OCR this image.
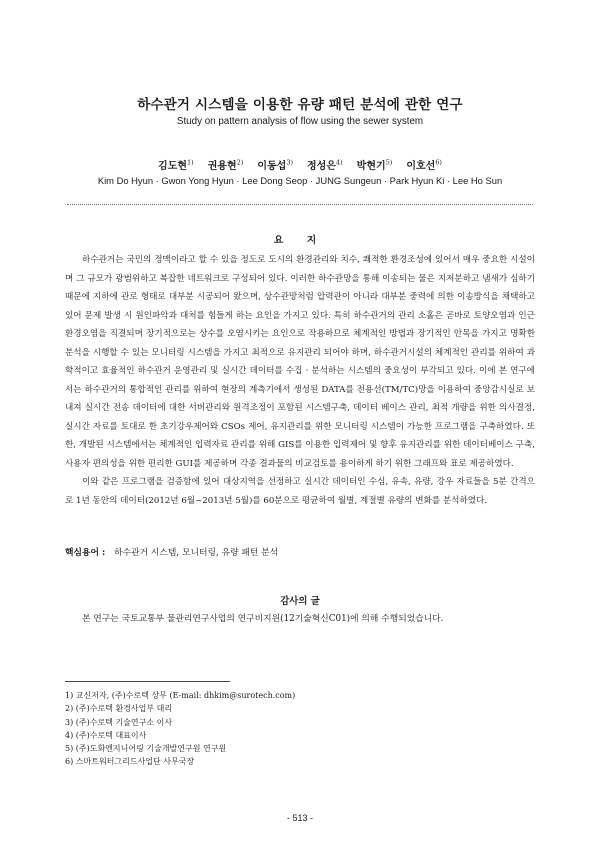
하수관거 시스템을 이용한 유량 패턴 분석에 관한 연구
Study on pattern analysis of flow using the sewer system
김도현$^{1)}$ 권용현$^{2)}$ 이동섭$^{3)}$ 정성은$^{4)}$ 박현기$^{5)}$ 이호선$^{6)}$
Kim Do Hyun · Gwon Yong Hyun · Lee Dong Seop · JUNG Sungeun · Park Hyun Ki · Lee Ho Sun
요 지

하수관거는 국민의 정맥이라고 할 수 있을 정도로 도시의 환경관리와 치수, 쾌적한 환경조성에 있어서 매우 중요한 시설이며 그 규모가 광범위하고 복잡한 네트워크로 구성되어 있다. 이러한 하수관망을 통해 이송되는 물은 지저분하고 냄새가 심하기 때문에 지하에 관로 형태로 대부분 시공되어 왔으며, 상수관망처럼 압력관이 아니라 대부분 중력에 의한 이송방식을 채택하고 있어 문제 발생 시 원인파악과 대처를 힘들게 하는 요인을 가지고 있다. 특히 하수관거의 관리 소홀은 곧바로 토양오염과 인근 환경오염을 직결되며 장기적으로는 상수를 오염시키는 요인으로 작용하므로 체계적인 방법과 장기적인 안목을 가지고 명확한 분석을 시행할 수 있는 모니터링 시스템을 가지고 최적으로 유지관리 되어야 하며, 하수관거시설의 체계적인 관리를 위하여 과학적이고 효율적인 하수관거 운영관리 및 실시간 데이터를 수집 · 분석하는 시스템의 중요성이 부각되고 있다. 이에 본 연구에서는 하수관거의 통합적인 관리를 위하여 현장의 계측기에서 생성된 DATA를 전용선(TM/TC)망을 이용하여 중앙감시실로 보내져 실시간 전송 데이터에 대한 서버관리와 원격조정이 포함된 시스템구축, 데이터 베이스 관리, 최적 개량을 위한 의사결정, 실시간 자료를 토대로 한 초기강우제어와 CSOs 제어, 유지관리를 위한 모니터링 시스템이 가능한 프로그램을 구축하였다. 또한, 개발된 시스템에서는 체계적인 입력자료 관리를 위해 GIS를 이용한 입력제어 및 향후 유지관리를 위한 데이터베이스 구축, 사용자 편의성을 위한 편리한 GUI를 제공하며 각종 결과물의 비교검토를 용이하게 하기 위한 그래프와 표로 제공하였다.

이와 같은 프로그램을 검증함에 있어 대상지역을 선정하고 실시간 데이터인 수심, 유속, 유량, 강우 자료들을 5분 간격으로 1년 동안의 데이터(2012년 6월~2013년 5월)를 60분으로 평균하여 월별, 계절별 유량의 변화를 분석하였다.

핵심용어 : 하수관거 시스템, 모니터링, 유량 패턴 분석
감사의 글
본 연구는 국토교통부 물관리연구사업의 연구비지원(12기술혁신C01)에 의해 수행되었습니다.
1) 교신저자, (주)수로텍 상무 (E-mail: dhkim@surotech.com)
2) (주)수로텍 환경사업부 대리
3) (주)수로텍 기술연구소 이사
4) (주)수로텍 대표이사
5) (주)도화엔지니어링 기술개발연구원 연구원
6) 스마트워터그리드사업단 사무국장
- 513 -
